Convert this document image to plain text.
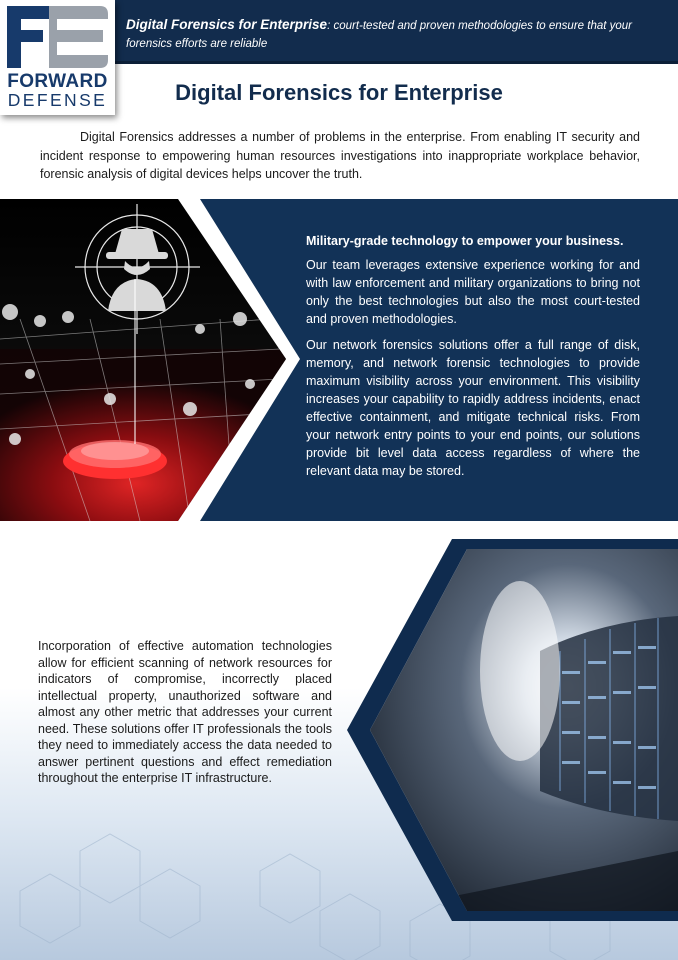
Digital Forensics for Enterprise: court-tested and proven methodologies to ensure that your forensics efforts are reliable
FORWARD
DEFENSE	Digital Forensics for Enterprise
Digital Forensics addresses a number of problems in the enterprise. From enabling IT security and incident response to empowering human resources investigations into inappropriate workplace behavior, forensic analysis of digital devices helps uncover the truth.
Military-grade technology to empower your business.

Our team leverages extensive experience working for and with law enforcement and military organizations to bring not only the best technologies but also the most court-tested and proven methodologies.

Our network forensics solutions offer a full range of disk, memory, and network forensic technologies to provide maximum visibility across your environment. This visibility increases your capability to rapidly address incidents, enact effective containment, and mitigate technical risks. From your network entry points to your end points, our solutions provide bit level data access regardless of where the relevant data may be stored.

Incorporation of effective automation technologies allow for efficient scanning of network resources for indicators of compromise, incorrectly placed intellectual property, unauthorized software and almost any other metric that addresses your current need. These solutions offer IT professionals the tools they need to immediately access the data needed to answer pertinent questions and effect remediation throughout the enterprise IT infrastructure.
